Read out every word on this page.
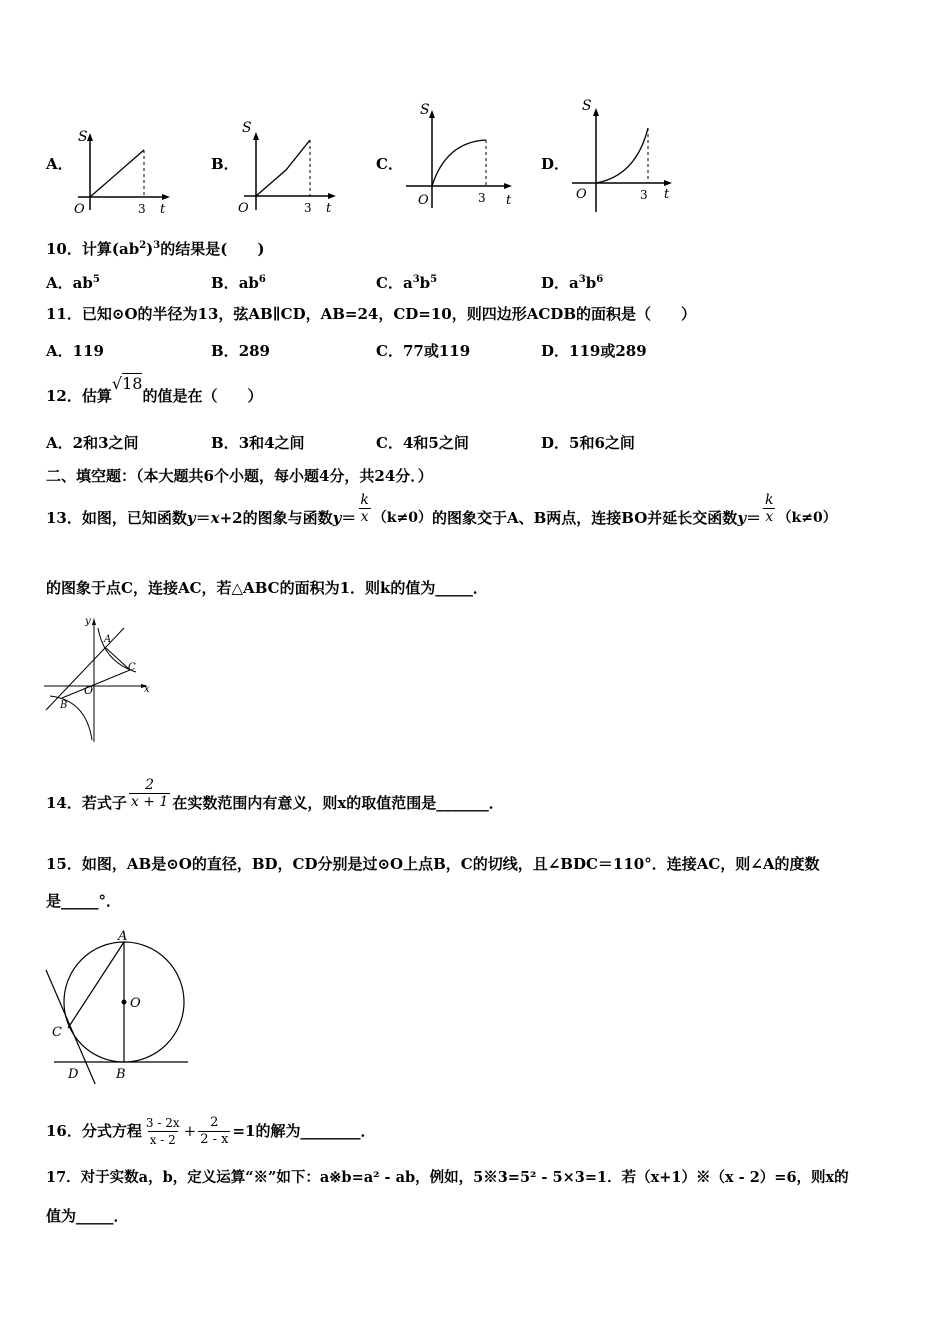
A．
S
O	3 t
B．
S
O	3 t
C．
S
O	3 t
D．
S
O	3 t
10．计算$(ab^2)^3$的结果是(　　)
A．$ab^5$	B．$ab^6$	C．$a^3b^5$	D．$a^3b^6$
11．已知⊙O的半径为13，弦AB∥CD，AB=24，CD=10，则四边形ACDB的面积是（　　）
A．119	B．289	C．77或119	D．119或289
12．估算√18的值是在（　　）
A．2和3之间	B．3和4之间	C．4和5之间	D．5和6之间
二、填空题：（本大题共6个小题，每小题4分，共24分．）
13．如图，已知函数 y ＝ x +2的图象与函数 $y = \frac{k}{x} (k\ne 0)$ 的图象交于A、B两点，连接BO并延长交函数 $y = \frac{k}{x} (k\ne 0)$
的图象于点C，连接AC，若△ABC的面积为1．则k的值为_____．
y
x
O
A
B
C
14．若式子 $\frac{2}{x + 1}$ 在实数范围内有意义，则x的取值范围是_______．
15．如图，AB是⊙O的直径，BD，CD分别是过⊙O上点B，C的切线，且∠BDC＝110°．连接AC，则∠A的度数
是_____°．
A
O
C
D	B
16．分式方程 $\frac{3 - 2x}{x - 2} + \frac{2}{2 - x} =1$的解为________．
17．对于实数a，b，定义运算“※”如下：a※b=a² - ab，例如，5※3=5² - 5×3=1．若（x+1）※（x - 2）=6，则x的
值为_____．
